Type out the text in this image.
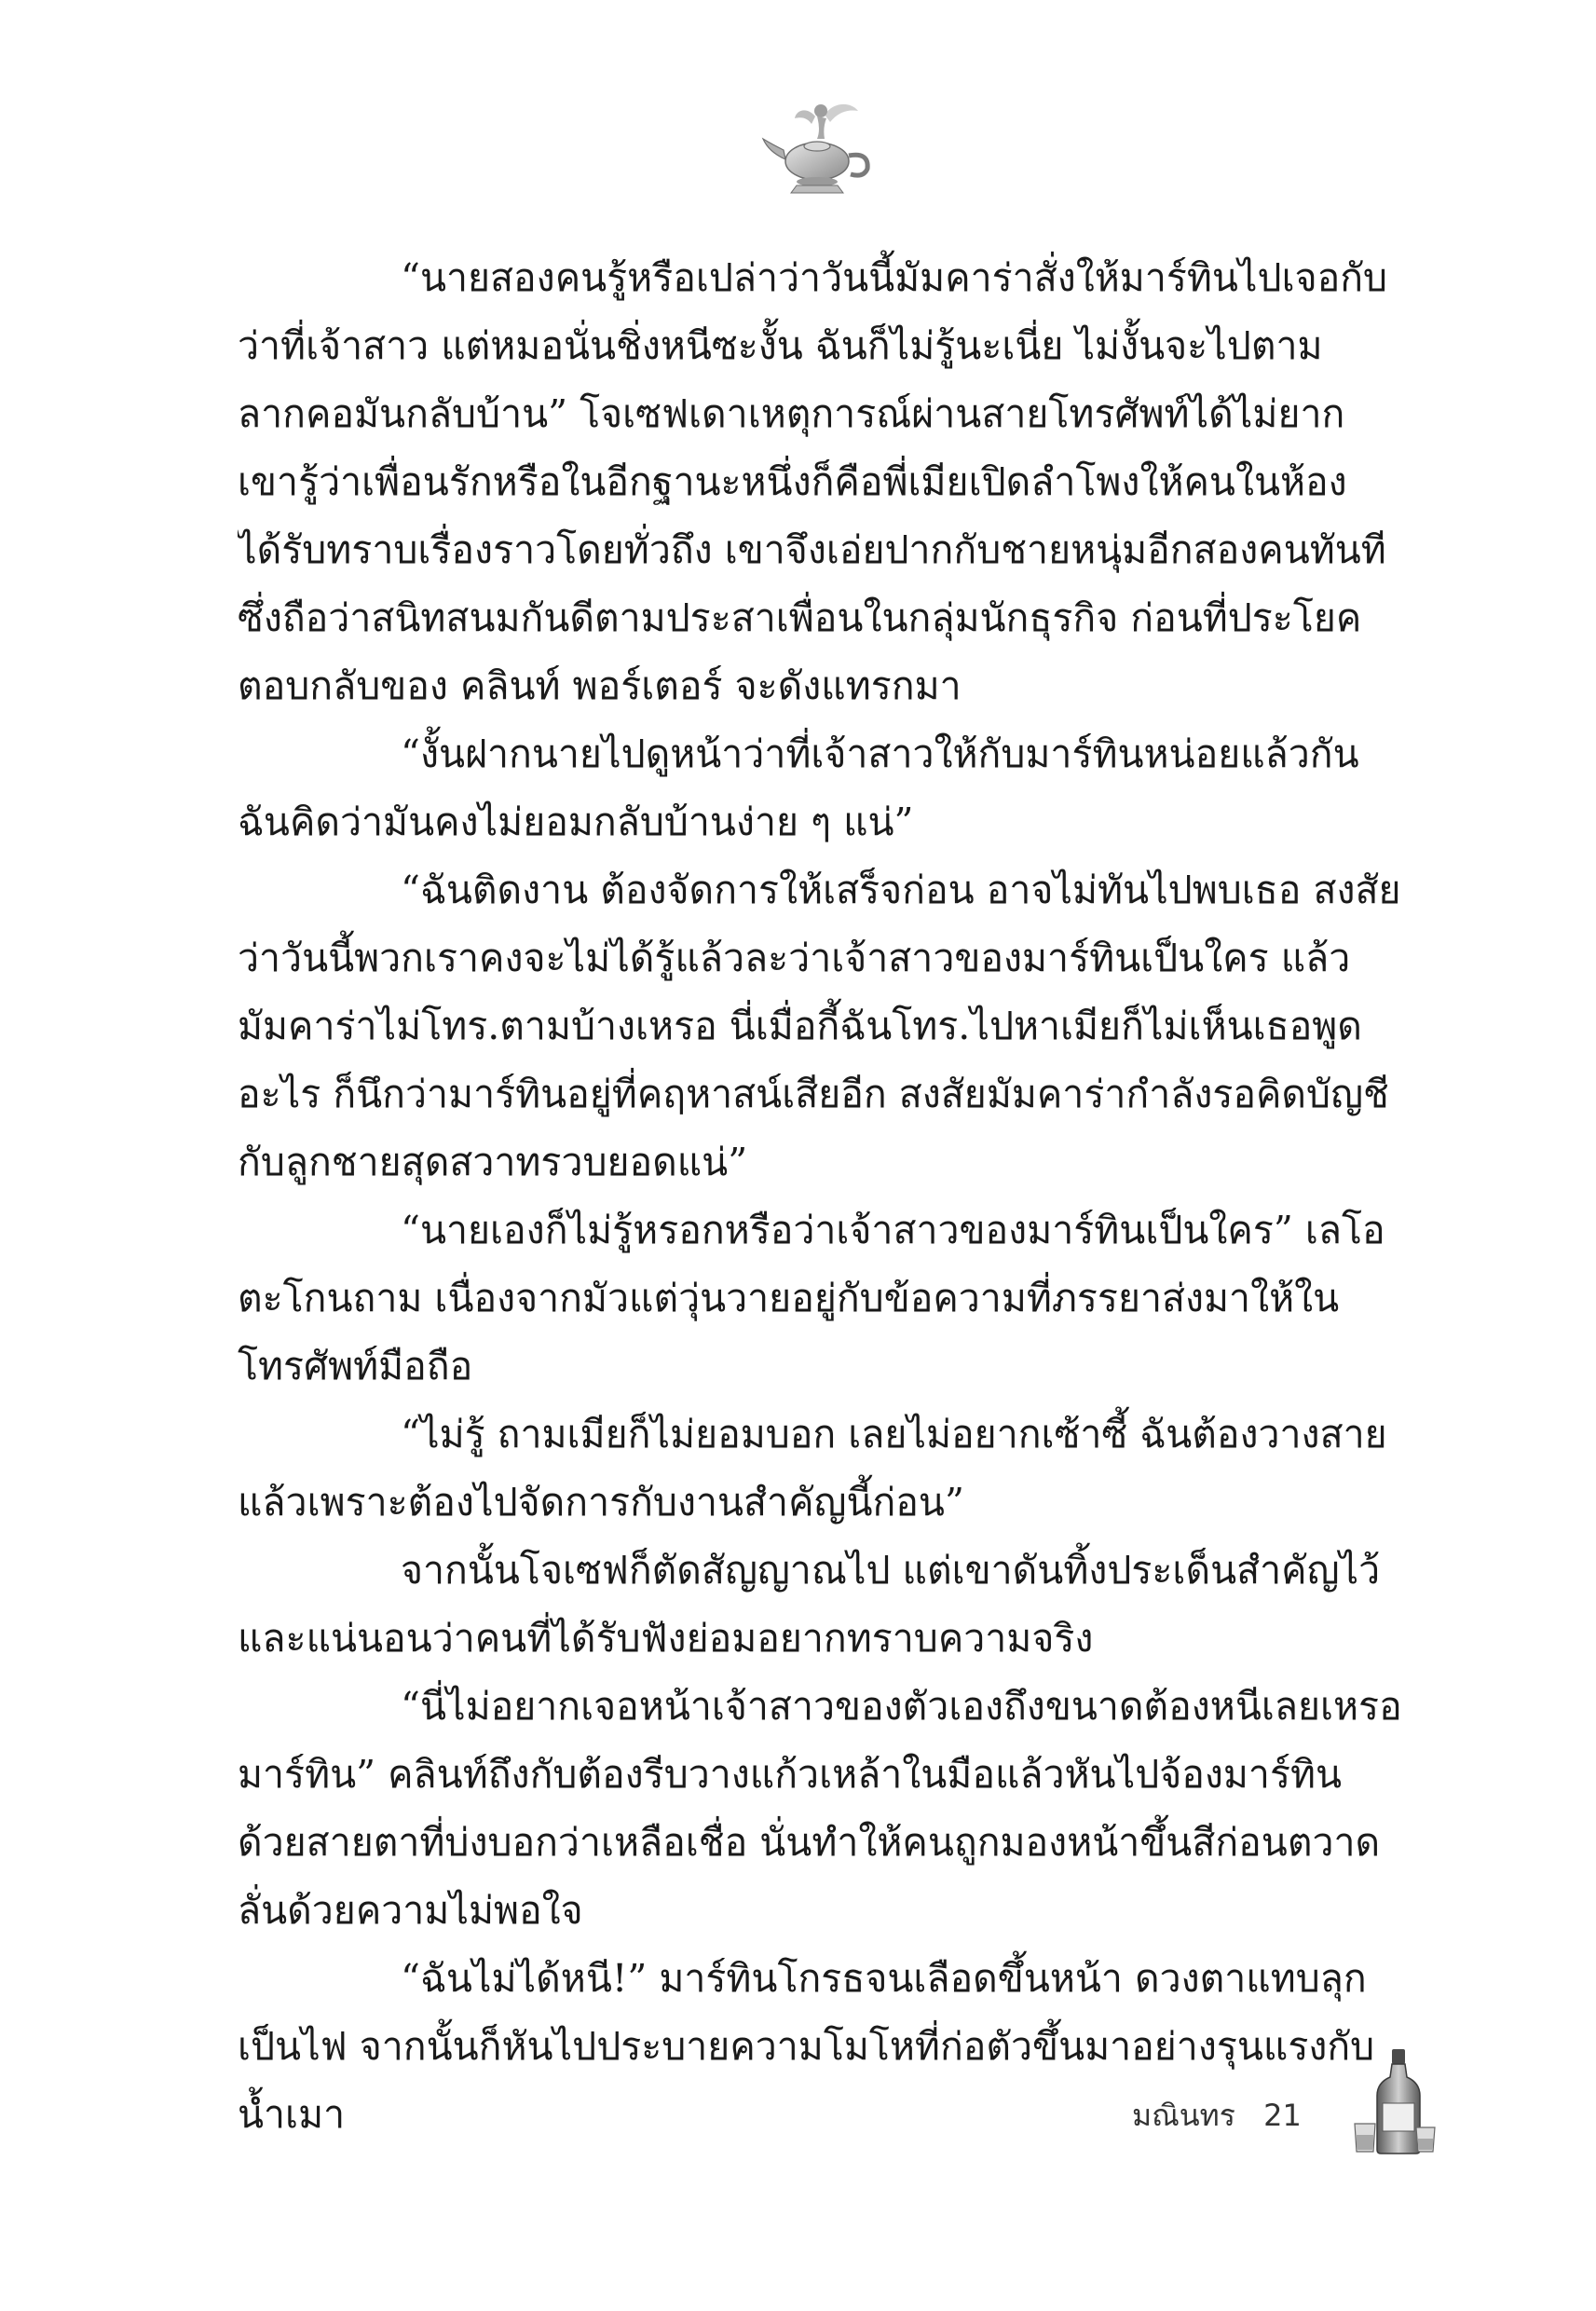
“นายสองคนรู้หรือเปล่าว่าวันนี้มัมคาร่าสั่งให้มาร์ทินไปเจอกับ
ว่าที่เจ้าสาว แต่หมอนั่นชิ่งหนีซะงั้น ฉันก็ไม่รู้นะเนี่ย ไม่งั้นจะไปตาม
ลากคอมันกลับบ้าน” โจเซฟเดาเหตุการณ์ผ่านสายโทรศัพท์ได้ไม่ยาก
เขารู้ว่าเพื่อนรักหรือในอีกฐานะหนึ่งก็คือพี่เมียเปิดลำโพงให้คนในห้อง
ได้รับทราบเรื่องราวโดยทั่วถึง เขาจึงเอ่ยปากกับชายหนุ่มอีกสองคนทันที
ซึ่งถือว่าสนิทสนมกันดีตามประสาเพื่อนในกลุ่มนักธุรกิจ ก่อนที่ประโยค
ตอบกลับของ คลินท์ พอร์เตอร์ จะดังแทรกมา
“งั้นฝากนายไปดูหน้าว่าที่เจ้าสาวให้กับมาร์ทินหน่อยแล้วกัน
ฉันคิดว่ามันคงไม่ยอมกลับบ้านง่าย ๆ แน่”
“ฉันติดงาน ต้องจัดการให้เสร็จก่อน อาจไม่ทันไปพบเธอ สงสัย
ว่าวันนี้พวกเราคงจะไม่ได้รู้แล้วละว่าเจ้าสาวของมาร์ทินเป็นใคร แล้ว
มัมคาร่าไม่โทร.ตามบ้างเหรอ นี่เมื่อกี้ฉันโทร.ไปหาเมียก็ไม่เห็นเธอพูด
อะไร ก็นึกว่ามาร์ทินอยู่ที่คฤหาสน์เสียอีก สงสัยมัมคาร่ากำลังรอคิดบัญชี
กับลูกชายสุดสวาทรวบยอดแน่”
“นายเองก็ไม่รู้หรอกหรือว่าเจ้าสาวของมาร์ทินเป็นใคร” เลโอ
ตะโกนถาม เนื่องจากมัวแต่วุ่นวายอยู่กับข้อความที่ภรรยาส่งมาให้ใน
โทรศัพท์มือถือ
“ไม่รู้ ถามเมียก็ไม่ยอมบอก เลยไม่อยากเซ้าซี้ ฉันต้องวางสาย
แล้วเพราะต้องไปจัดการกับงานสำคัญนี้ก่อน”
จากนั้นโจเซฟก็ตัดสัญญาณไป แต่เขาดันทิ้งประเด็นสำคัญไว้
และแน่นอนว่าคนที่ได้รับฟังย่อมอยากทราบความจริง
“นี่ไม่อยากเจอหน้าเจ้าสาวของตัวเองถึงขนาดต้องหนีเลยเหรอ
มาร์ทิน” คลินท์ถึงกับต้องรีบวางแก้วเหล้าในมือแล้วหันไปจ้องมาร์ทิน
ด้วยสายตาที่บ่งบอกว่าเหลือเชื่อ นั่นทำให้คนถูกมองหน้าขึ้นสีก่อนตวาด
ลั่นด้วยความไม่พอใจ
“ฉันไม่ได้หนี!” มาร์ทินโกรธจนเลือดขึ้นหน้า ดวงตาแทบลุก
เป็นไฟ จากนั้นก็หันไปประบายความโมโหที่ก่อตัวขึ้นมาอย่างรุนแรงกับ
น้ำเมา	มณินทร 21
